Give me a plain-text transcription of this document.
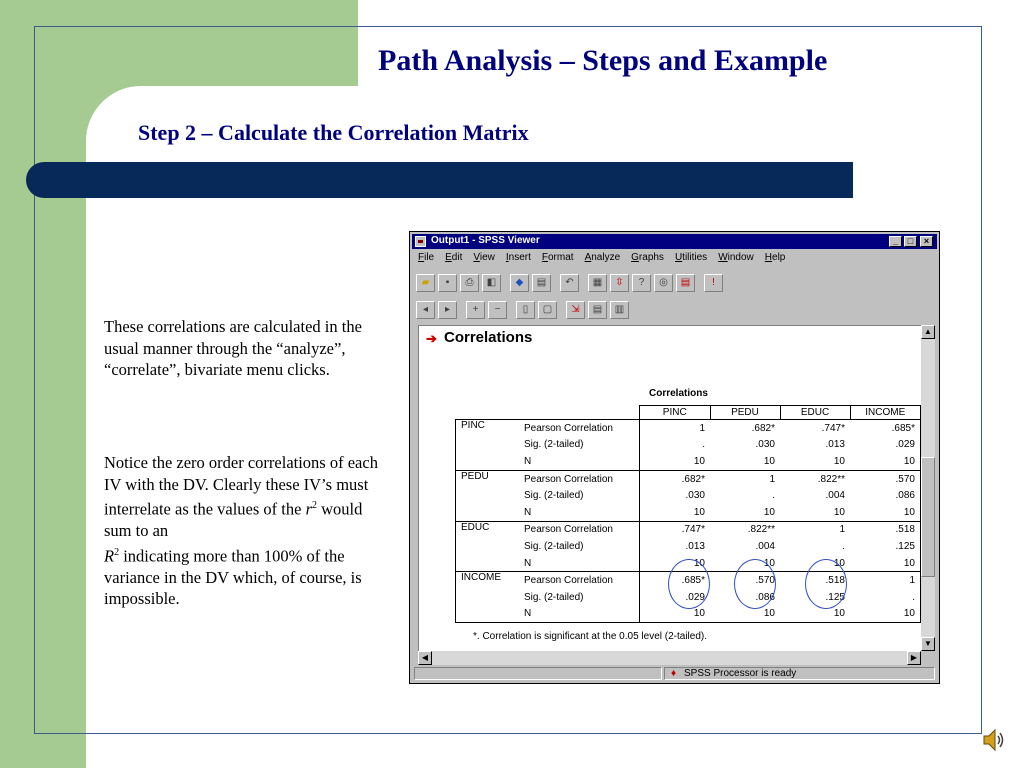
Path Analysis – Steps and Example
Step 2 – Calculate the Correlation Matrix
These correlations are calculated in the usual manner through the “analyze”, “correlate”, bivariate menu clicks.
Notice the zero order correlations of each IV with the DV. Clearly these IV’s must interrelate as the values of the $r^2$ would sum to an
$R^2$ indicating more than 100% of the variance in the DV which, of course, is impossible.
Output1 - SPSS Viewer	_	□	×
File Edit View Insert Format Analyze Graphs Utilities Window Help
▰	▪	⎙	◧	◆	▤	↶	▦	⇳	?	◎	▤	!
◂	▸	+	−	▯	▢	⇲	▤	▥
➔ Correlations
Correlations
		PINC	PEDU	EDUC	INCOME
PINC	Pearson Correlation	1	.682*	.747*	.685*
	Sig. (2-tailed)	.	.030	.013	.029
	N	10	10	10	10
PEDU	Pearson Correlation	.682*	1	.822**	.570
	Sig. (2-tailed)	.030	.	.004	.086
	N	10	10	10	10
EDUC	Pearson Correlation	.747*	.822**	1	.518
	Sig. (2-tailed)	.013	.004	.	.125
	N	10	10	10	10
INCOME	Pearson Correlation	.685*	.570	.518	1
	Sig. (2-tailed)	.029	.086	.125	.
	N	10	10	10	10
*. Correlation is significant at the 0.05 level (2-tailed).
▲
▼
◀	▶
♦ SPSS Processor is ready
